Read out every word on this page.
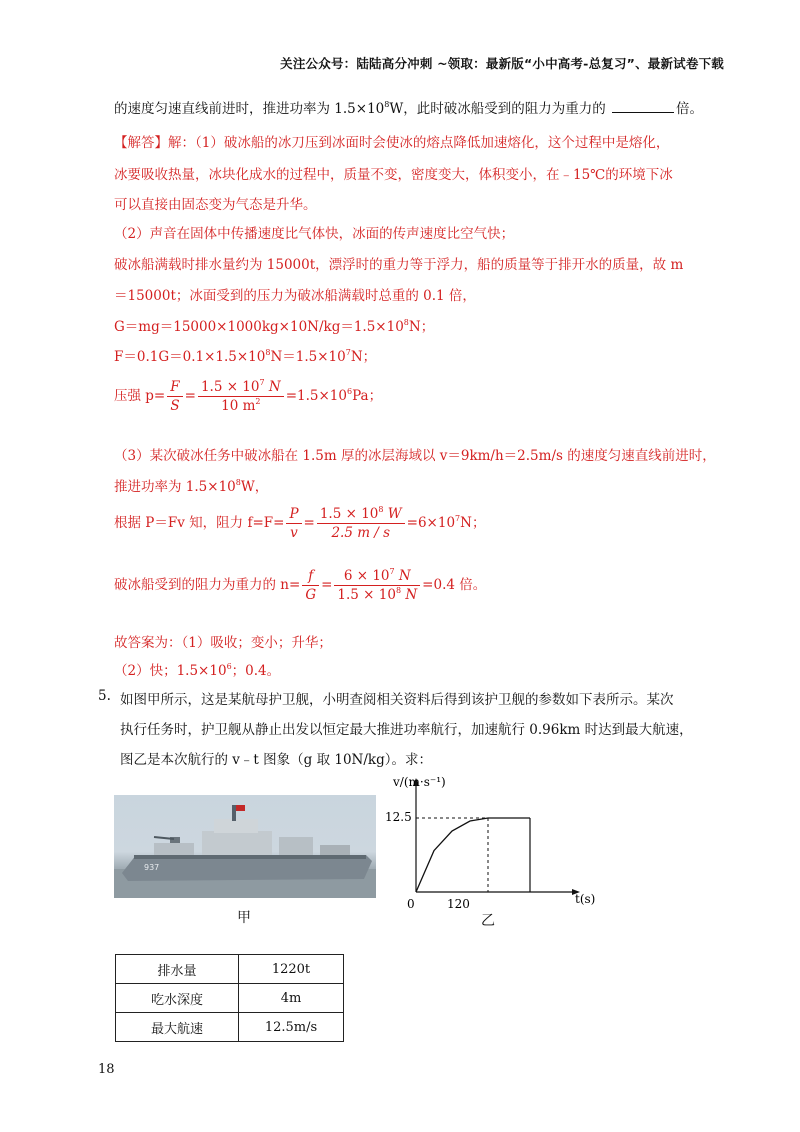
关注公众号：陆陆高分冲刺 ~领取：最新版“小中高考-总复习”、最新试卷下载
的速度匀速直线前进时，推进功率为 $1.5\times 10^8W$，此时破冰船受到的阻力为重力的	倍。
【解答】解：（1）破冰船的冰刀压到冰面时会使冰的熔点降低加速熔化，这个过程中是熔化，
冰要吸收热量，冰块化成水的过程中，质量不变，密度变大，体积变小，在﹣15℃的环境下冰
可以直接由固态变为气态是升华。
（2）声音在固体中传播速度比气体快，冰面的传声速度比空气快；
破冰船满载时排水量约为 15000t，漂浮时的重力等于浮力，船的质量等于排开水的质量，故 m
＝15000t；冰面受到的压力为破冰船满载时总重的 0.1 倍，
$G=mg=15000\times 1000kg\times 10N/kg=1.5\times 10^8N$；
$F=0.1G=0.1\times 1.5\times 10^8N=1.5\times 10^7N$；
压强 $p= \frac{F}{S} = \frac{1.5 \times 10^7 N}{10 m^2} =1.5\times 10^6Pa$；
（3）某次破冰任务中破冰船在 1.5m 厚的冰层海域以 v＝9km/h＝2.5m/s 的速度匀速直线前进时，
推进功率为 $1.5\times 10^8W$，
根据 P＝Fv 知，阻力 $f=F= \frac{P}{v} = \frac{1.5 \times 10^8 W}{2.5 m / s} =6\times 10^7N$；
破冰船受到的阻力为重力的 $n= \frac{f}{G} = \frac{6 \times 10^7 N}{1.5 \times 10^8 N} =0.4$ 倍。
故答案为：（1）吸收；变小；升华；
（2）快；$1.5\times 10^6$；0.4。
5. 如图甲所示，这是某航母护卫舰，小明查阅相关资料后得到该护卫舰的参数如下表所示。某次
执行任务时，护卫舰从静止出发以恒定最大推进功率航行，加速航行 0.96km 时达到最大航速，
图乙是本次航行的 v﹣t 图象（g 取 10N/kg）。求：
937
甲
v/(m·s⁻¹)
t(s)
12.5
120
0
乙
排水量	1220t
吃水深度	4m
最大航速	12.5m/s
18
